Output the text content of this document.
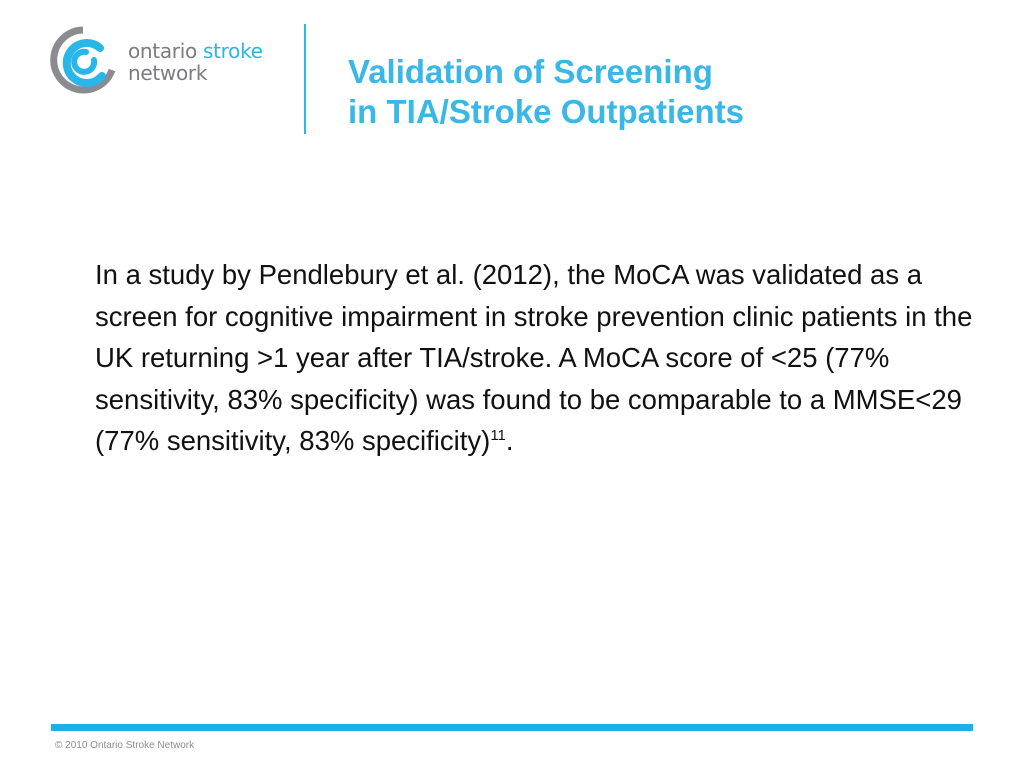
ontario stroke
network	Validation of Screening
in TIA/Stroke Outpatients

In a study by Pendlebury et al. (2012), the MoCA was validated as a screen for cognitive impairment in stroke prevention clinic patients in the UK returning >1 year after TIA/stroke. A MoCA score of <25 (77% sensitivity, 83% specificity) was found to be comparable to a MMSE<29 (77% sensitivity, 83% specificity)$^{11}$.

© 2010 Ontario Stroke Network
